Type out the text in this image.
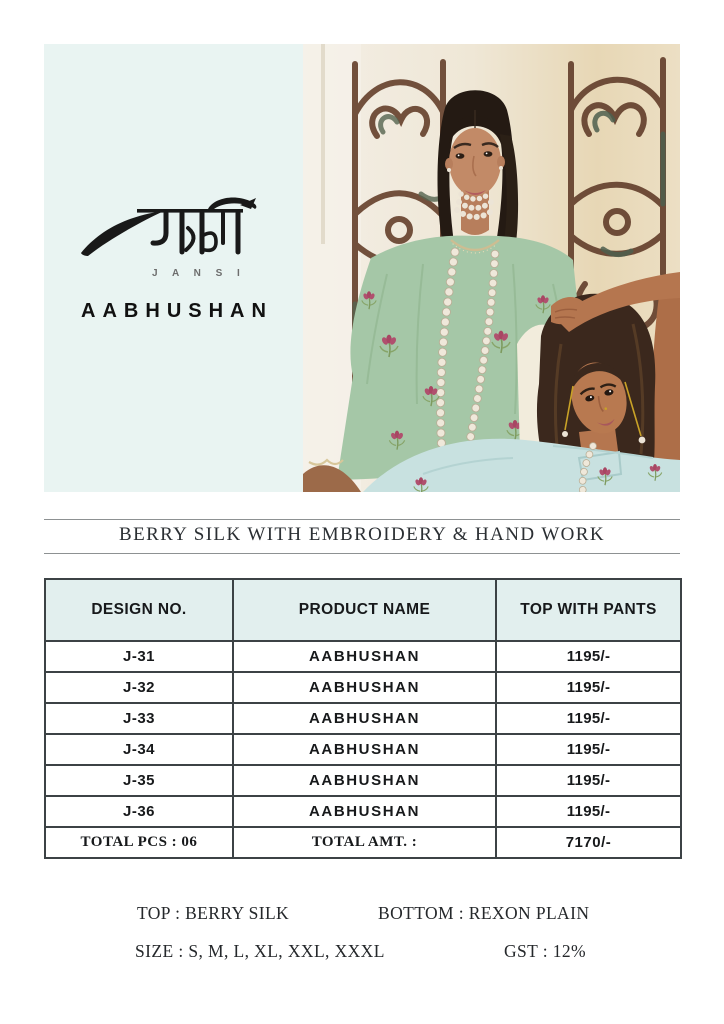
J A N S I
AABHUSHAN
BERRY SILK WITH EMBROIDERY & HAND WORK
DESIGN NO.	PRODUCT NAME	TOP WITH PANTS
J-31	AABHUSHAN	1195/-
J-32	AABHUSHAN	1195/-
J-33	AABHUSHAN	1195/-
J-34	AABHUSHAN	1195/-
J-35	AABHUSHAN	1195/-
J-36	AABHUSHAN	1195/-
TOTAL PCS : 06	TOTAL AMT. :	7170/-
TOP : BERRY SILK	BOTTOM : REXON PLAIN
SIZE : S, M, L, XL, XXL, XXXL	GST : 12%
